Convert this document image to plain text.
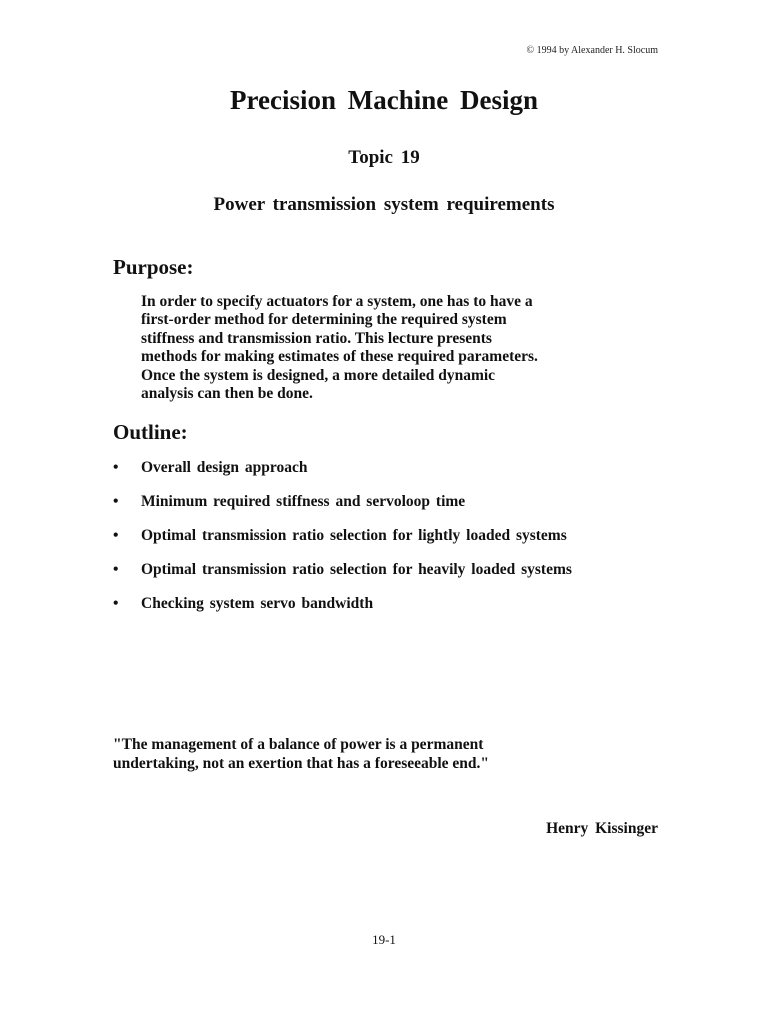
© 1994 by Alexander H. Slocum
Precision Machine Design
Topic 19
Power transmission system requirements
Purpose:

In order to specify actuators for a system, one has to have a
first-order method for determining the required system
stiffness and transmission ratio. This lecture presents
methods for making estimates of these required parameters.
Once the system is designed, a more detailed dynamic
analysis can then be done.

Outline:
• Overall design approach
• Minimum required stiffness and servoloop time
• Optimal transmission ratio selection for lightly loaded systems
• Optimal transmission ratio selection for heavily loaded systems
• Checking system servo bandwidth
"The management of a balance of power is a permanent
undertaking, not an exertion that has a foreseeable end."
Henry Kissinger
19-1
